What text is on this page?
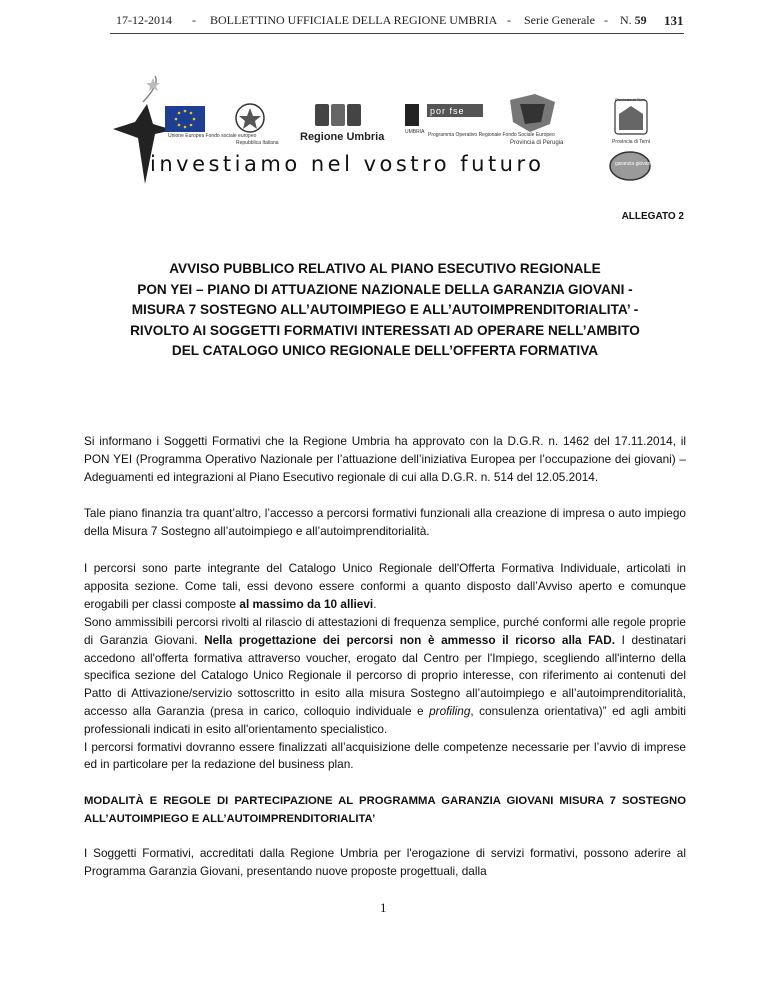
17-12-2014 - BOLLETTINO UFFICIALE DELLA REGIONE UMBRIA - Serie Generale - N. 59 131
Unione Europea Fondo sociale europeo
Repubblica Italiana Regione Umbria
por fse
UMBRIA Programma Operativo Regionale Fondo Sociale Europeo
Provincia di Perugia
Provincia di Terni
Provincia di Terni
garanzia giovani
investiamo nel vostro futuro
ALLEGATO 2
AVVISO PUBBLICO RELATIVO AL PIANO ESECUTIVO REGIONALE
PON YEI – PIANO DI ATTUAZIONE NAZIONALE DELLA GARANZIA GIOVANI -
MISURA 7 SOSTEGNO ALL’AUTOIMPIEGO E ALL’AUTOIMPRENDITORIALITA’ -
RIVOLTO AI SOGGETTI FORMATIVI INTERESSATI AD OPERARE NELL’AMBITO
DEL CATALOGO UNICO REGIONALE DELL’OFFERTA FORMATIVA

Si informano i Soggetti Formativi che la Regione Umbria ha approvato con la D.G.R. n. 1462 del 17.11.2014, il PON YEI (Programma Operativo Nazionale per l’attuazione dell’iniziativa Europea per l’occupazione dei giovani) – Adeguamenti ed integrazioni al Piano Esecutivo regionale di cui alla D.G.R. n. 514 del 12.05.2014.

Tale piano finanzia tra quant’altro, l’accesso a percorsi formativi funzionali alla creazione di impresa o auto impiego della Misura 7 Sostegno all’autoimpiego e all’autoimprenditorialità.

I percorsi sono parte integrante del Catalogo Unico Regionale dell'Offerta Formativa Individuale, articolati in apposita sezione. Come tali, essi devono essere conformi a quanto disposto dall’Avviso aperto e comunque erogabili per classi composte al massimo da 10 allievi.

Sono ammissibili percorsi rivolti al rilascio di attestazioni di frequenza semplice, purché conformi alle regole proprie di Garanzia Giovani. Nella progettazione dei percorsi non è ammesso il ricorso alla FAD. I destinatari accedono all'offerta formativa attraverso voucher, erogato dal Centro per l'Impiego, scegliendo all'interno della specifica sezione del Catalogo Unico Regionale il percorso di proprio interesse, con riferimento ai contenuti del Patto di Attivazione/servizio sottoscritto in esito alla misura Sostegno all’autoimpiego e all’autoimprenditorialità, accesso alla Garanzia (presa in carico, colloquio individuale e profiling, consulenza orientativa)” ed agli ambiti professionali indicati in esito all'orientamento specialistico.

I percorsi formativi dovranno essere finalizzati all’acquisizione delle competenze necessarie per l’avvio di imprese ed in particolare per la redazione del business plan.

MODALITÀ E REGOLE DI PARTECIPAZIONE AL PROGRAMMA GARANZIA GIOVANI MISURA 7 SOSTEGNO ALL’AUTOIMPIEGO E ALL’AUTOIMPRENDITORIALITA’

I Soggetti Formativi, accreditati dalla Regione Umbria per l'erogazione di servizi formativi, possono aderire al Programma Garanzia Giovani, presentando nuove proposte progettuali, dalla

1
